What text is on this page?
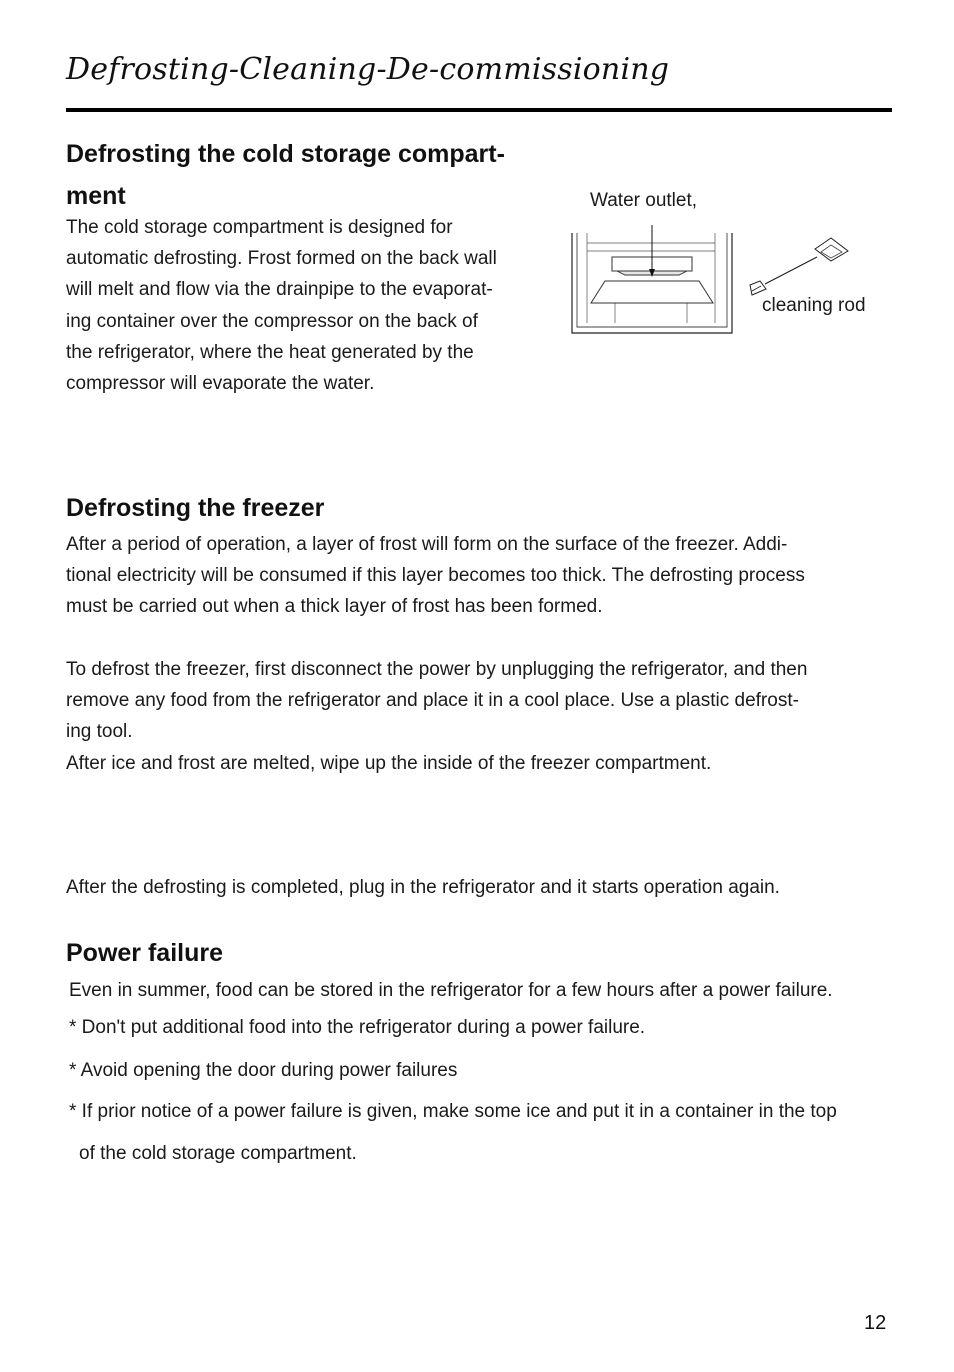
Defrosting-Cleaning-De-commissioning
Defrosting the cold storage compart-
ment
The cold storage compartment is designed for
automatic defrosting. Frost formed on the back wall
will melt and flow via the drainpipe to the evaporat-
ing container over the compressor on the back of
the refrigerator, where the heat generated by the
compressor will evaporate the water.
Water outlet,
cleaning rod
Defrosting the freezer
After a period of operation, a layer of frost will form on the surface of the freezer. Addi-
tional electricity will be consumed if this layer becomes too thick. The defrosting process
must be carried out when a thick layer of frost has been formed.
To defrost the freezer, first disconnect the power by unplugging the refrigerator, and then
remove any food from the refrigerator and place it in a cool place. Use a plastic defrost-
ing tool.
After ice and frost are melted, wipe up the inside of the freezer compartment.
After the defrosting is completed, plug in the refrigerator and it starts operation again.
Power failure
Even in summer, food can be stored in the refrigerator for a few hours after a power failure.
* Don't put additional food into the refrigerator during a power failure.
* Avoid opening the door during power failures
* If prior notice of a power failure is given, make some ice and put it in a container in the top
of the cold storage compartment.
12
